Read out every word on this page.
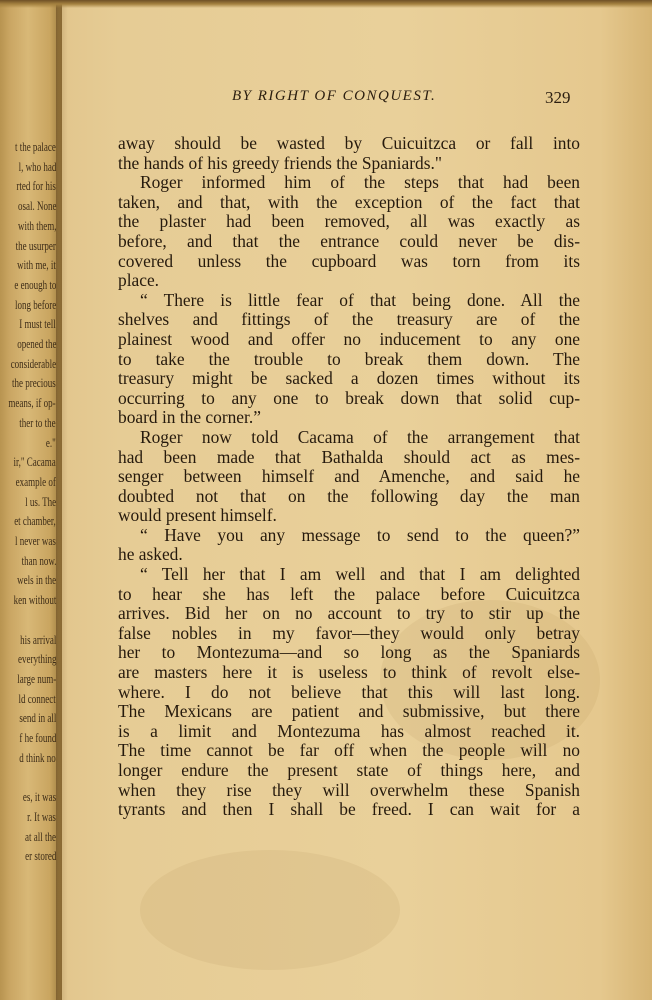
t the palace
l, who had
rted for his
osal. None
with them,
the usurper
with me, it
e enough to
long before
I must tell
opened the
considerable
the precious
means, if op-
ther to the
e."
ir," Cacama
example of
l us. The
et chamber,
l never was
than now.
wels in the
ken without
his arrival
everything
large num-
ld connect
send in all
f he found
d think no
es, it was
r. It was
at all the
er stored
BY RIGHT OF CONQUEST.	329
away should be wasted by Cuicuitzca or fall into
the hands of his greedy friends the Spaniards."
Roger informed him of the steps that had been
taken, and that, with the exception of the fact that
the plaster had been removed, all was exactly as
before, and that the entrance could never be dis-
covered unless the cupboard was torn from its
place.
“ There is little fear of that being done. All the
shelves and fittings of the treasury are of the
plainest wood and offer no inducement to any one
to take the trouble to break them down. The
treasury might be sacked a dozen times without its
occurring to any one to break down that solid cup-
board in the corner.”
Roger now told Cacama of the arrangement that
had been made that Bathalda should act as mes-
senger between himself and Amenche, and said he
doubted not that on the following day the man
would present himself.
“ Have you any message to send to the queen?”
he asked.
“ Tell her that I am well and that I am delighted
to hear she has left the palace before Cuicuitzca
arrives. Bid her on no account to try to stir up the
false nobles in my favor—they would only betray
her to Montezuma—and so long as the Spaniards
are masters here it is useless to think of revolt else-
where. I do not believe that this will last long.
The Mexicans are patient and submissive, but there
is a limit and Montezuma has almost reached it.
The time cannot be far off when the people will no
longer endure the present state of things here, and
when they rise they will overwhelm these Spanish
tyrants and then I shall be freed. I can wait for a
